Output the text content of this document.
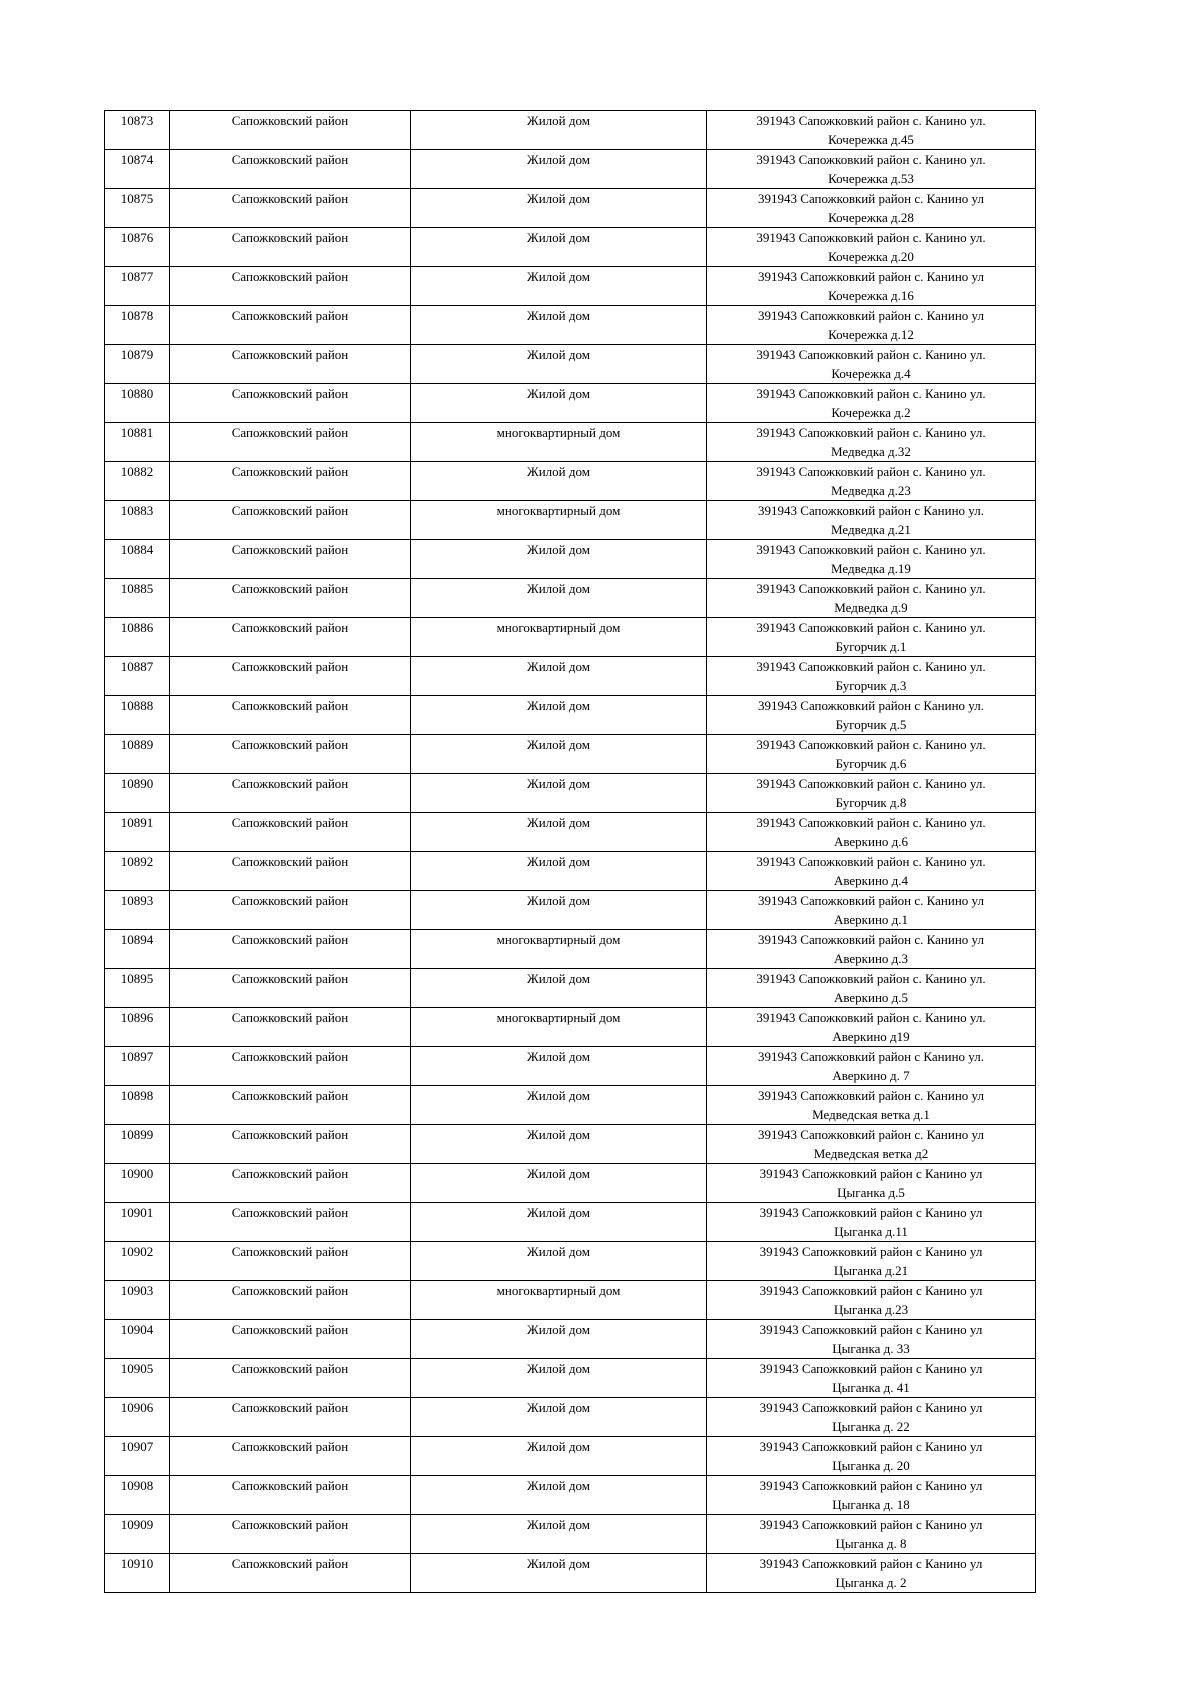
10873	Сапожковский район	Жилой дом	391943 Сапожковкий район с. Канино ул.
Кочережка д.45

10874	Сапожковский район	Жилой дом	391943 Сапожковкий район с. Канино ул.
Кочережка д.53

10875	Сапожковский район	Жилой дом	391943 Сапожковкий район с. Канино ул
Кочережка д.28

10876	Сапожковский район	Жилой дом	391943 Сапожковкий район с. Канино ул.
Кочережка д.20

10877	Сапожковский район	Жилой дом	391943 Сапожковкий район с. Канино ул
Кочережка д.16

10878	Сапожковский район	Жилой дом	391943 Сапожковкий район с. Канино ул
Кочережка д.12

10879	Сапожковский район	Жилой дом	391943 Сапожковкий район с. Канино ул.
Кочережка д.4

10880	Сапожковский район	Жилой дом	391943 Сапожковкий район с. Канино ул.
Кочережка д.2

10881	Сапожковский район	многоквартирный дом	391943 Сапожковкий район с. Канино ул.
Медведка д.32

10882	Сапожковский район	Жилой дом	391943 Сапожковкий район с. Канино ул.
Медведка д.23

10883	Сапожковский район	многоквартирный дом	391943 Сапожковкий район с Канино ул.
Медведка д.21

10884	Сапожковский район	Жилой дом	391943 Сапожковкий район с. Канино ул.
Медведка д.19

10885	Сапожковский район	Жилой дом	391943 Сапожковкий район с. Канино ул.
Медведка д.9

10886	Сапожковский район	многоквартирный дом	391943 Сапожковкий район с. Канино ул.
Бугорчик д.1

10887	Сапожковский район	Жилой дом	391943 Сапожковкий район с. Канино ул.
Бугорчик д.3

10888	Сапожковский район	Жилой дом	391943 Сапожковкий район с Канино ул.
Бугорчик д.5

10889	Сапожковский район	Жилой дом	391943 Сапожковкий район с. Канино ул.
Бугорчик д.6

10890	Сапожковский район	Жилой дом	391943 Сапожковкий район с. Канино ул.
Бугорчик д.8

10891	Сапожковский район	Жилой дом	391943 Сапожковкий район с. Канино ул.
Аверкино д.6

10892	Сапожковский район	Жилой дом	391943 Сапожковкий район с. Канино ул.
Аверкино д.4

10893	Сапожковский район	Жилой дом	391943 Сапожковкий район с. Канино ул
Аверкино д.1

10894	Сапожковский район	многоквартирный дом	391943 Сапожковкий район с. Канино ул
Аверкино д.3

10895	Сапожковский район	Жилой дом	391943 Сапожковкий район с. Канино ул.
Аверкино д.5

10896	Сапожковский район	многоквартирный дом	391943 Сапожковкий район с. Канино ул.
Аверкино д19

10897	Сапожковский район	Жилой дом	391943 Сапожковкий район с Канино ул.
Аверкино д. 7

10898	Сапожковский район	Жилой дом	391943 Сапожковкий район с. Канино ул
Медведская ветка д.1

10899	Сапожковский район	Жилой дом	391943 Сапожковкий район с. Канино ул
Медведская ветка д2

10900	Сапожковский район	Жилой дом	391943 Сапожковкий район с Канино ул
Цыганка д.5

10901	Сапожковский район	Жилой дом	391943 Сапожковкий район с Канино ул
Цыганка д.11

10902	Сапожковский район	Жилой дом	391943 Сапожковкий район с Канино ул
Цыганка д.21

10903	Сапожковский район	многоквартирный дом	391943 Сапожковкий район с Канино ул
Цыганка д.23

10904	Сапожковский район	Жилой дом	391943 Сапожковкий район с Канино ул
Цыганка д. 33

10905	Сапожковский район	Жилой дом	391943 Сапожковкий район с Канино ул
Цыганка д. 41

10906	Сапожковский район	Жилой дом	391943 Сапожковкий район с Канино ул
Цыганка д. 22

10907	Сапожковский район	Жилой дом	391943 Сапожковкий район с Канино ул
Цыганка д. 20

10908	Сапожковский район	Жилой дом	391943 Сапожковкий район с Канино ул
Цыганка д. 18

10909	Сапожковский район	Жилой дом	391943 Сапожковкий район с Канино ул
Цыганка д. 8

10910	Сапожковский район	Жилой дом	391943 Сапожковкий район с Канино ул
Цыганка д. 2
